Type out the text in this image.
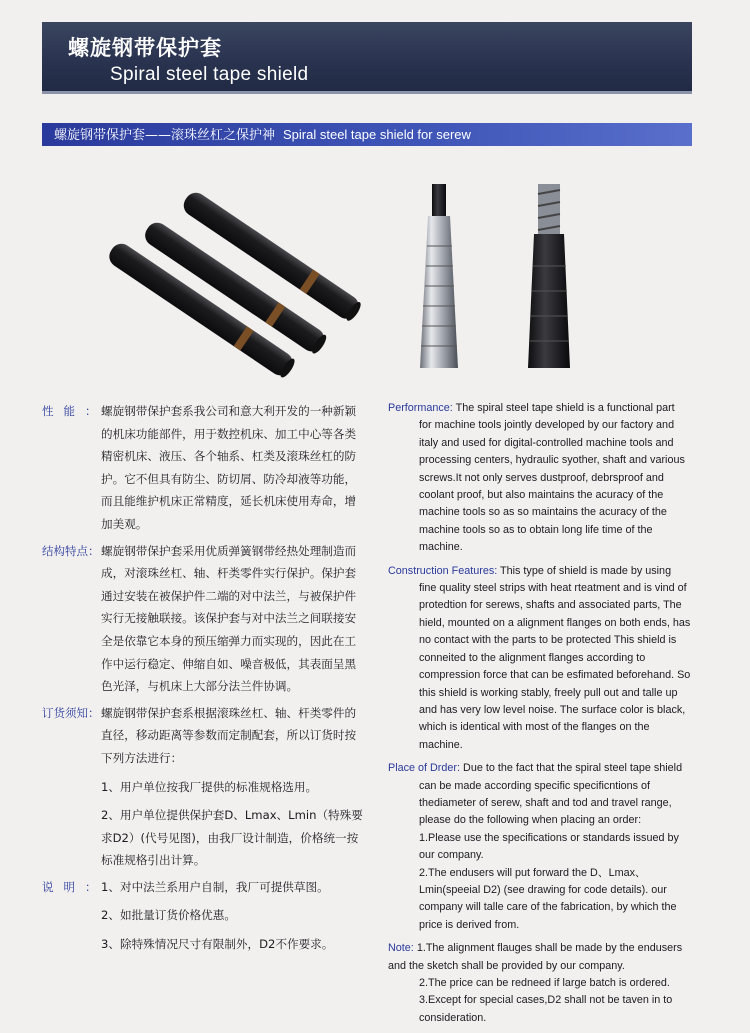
螺旋钢带保护套
Spiral steel tape shield
螺旋钢带保护套——滚珠丝杠之保护神 Spiral steel tape shield for serew
性能：
螺旋钢带保护套系我公司和意大利开发的一种新颖的机床功能部件，用于数控机床、加工中心等各类精密机床、液压、各个轴系、杠类及滚珠丝杠的防护。它不但具有防尘、防切屑、防冷却液等功能，而且能维护机床正常精度，延长机床使用寿命，增加美观。
结构特点： 螺旋钢带保护套采用优质弹簧钢带经热处理制造而成，对滚珠丝杠、轴、杆类零件实行保护。保护套通过安装在被保护件二端的对中法兰，与被保护件实行无接触联接。该保护套与对中法兰之间联接安全是依靠它本身的预压缩弹力而实现的，因此在工作中运行稳定、伸缩自如、噪音极低，其表面呈黑色光泽，与机床上大部分法兰件协调。
订货须知： 螺旋钢带保护套系根据滚珠丝杠、轴、杆类零件的直径，移动距离等参数而定制配套，所以订货时按下列方法进行：
1、用户单位按我厂提供的标准规格选用。
2、用户单位提供保护套D、Lmax、Lmin（特殊要求D2）(代号见图)，由我厂设计制造，价格统一按标准规格引出计算。
说明：
1、对中法兰系用户自制，我厂可提供草图。
2、如批量订货价格优惠。
3、除特殊情况尺寸有限制外，D2不作要求。
Performance: The spiral steel tape shield is a functional part
for machine tools jointly developed by our factory and italy and used for digital-controlled machine tools and processing centers, hydraulic syother, shaft and various screws.It not only serves dustproof, debrsproof and coolant proof, but also maintains the acuracy of the machine tools so as so maintains the acuracy of the machine tools so as to obtain long life time of the machine.
Construction Features: This type of shield is made by using
fine quality steel strips with heat rteatment and is vind of protedtion for serews, shafts and associated parts, The hield, mounted on a alignment flanges on both ends, has no contact with the parts to be protected This shield is conneited to the alignment flanges according to compression force that can be esfimated beforehand. So this shield is working stably, freely pull out and talle up and has very low level noise. The surface color is black, which is identical with most of the flanges on the machine.
Place of Drder: Due to the fact that the spiral steel tape shield
can be made according specific specificntions of thediameter of serew, shaft and tod and travel range, please do the following when placing an order:
1.Please use the specifications or standards issued by our company.
2.The endusers will put forward the D、Lmax、Lmin(speeial D2) (see drawing for code details). our company will talle care of the fabrication, by which the price is derived from.
Note: 1.The alignment flauges shall be made by the endusers and the sketch shall be provided by our company.
2.The price can be redneed if large batch is ordered.
3.Except for special cases,D2 shall not be taven in to consideration.
